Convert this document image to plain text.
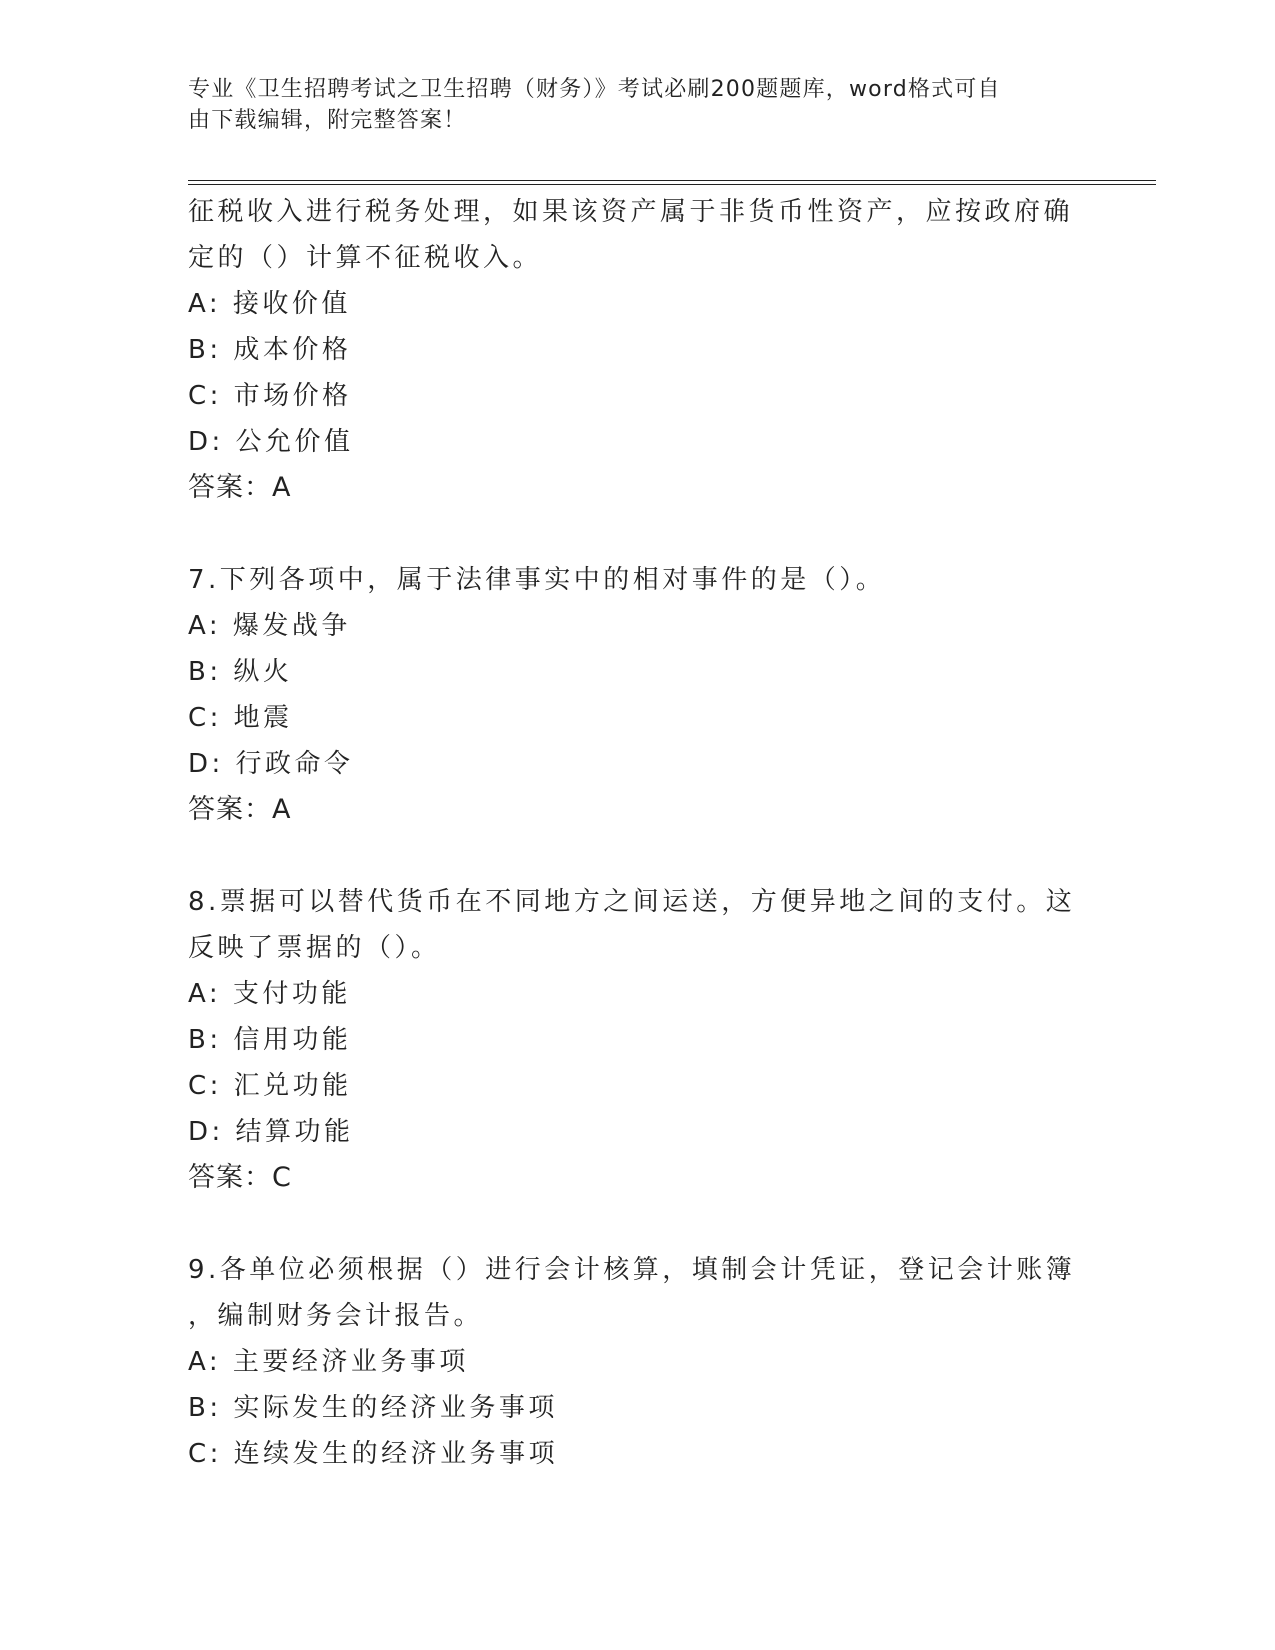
专业《卫生招聘考试之卫生招聘（财务）》考试必刷200题题库，word格式可自
由下载编辑，附完整答案！
征税收入进行税务处理，如果该资产属于非货币性资产，应按政府确
定的（）计算不征税收入。
A: 接收价值
B: 成本价格
C: 市场价格
D: 公允价值
答案：A
7.下列各项中，属于法律事实中的相对事件的是（）。
A: 爆发战争
B: 纵火
C: 地震
D: 行政命令
答案：A
8.票据可以替代货币在不同地方之间运送，方便异地之间的支付。这
反映了票据的（）。
A: 支付功能
B: 信用功能
C: 汇兑功能
D: 结算功能
答案：C
9.各单位必须根据（）进行会计核算，填制会计凭证，登记会计账簿
，编制财务会计报告。
A: 主要经济业务事项
B: 实际发生的经济业务事项
C: 连续发生的经济业务事项
